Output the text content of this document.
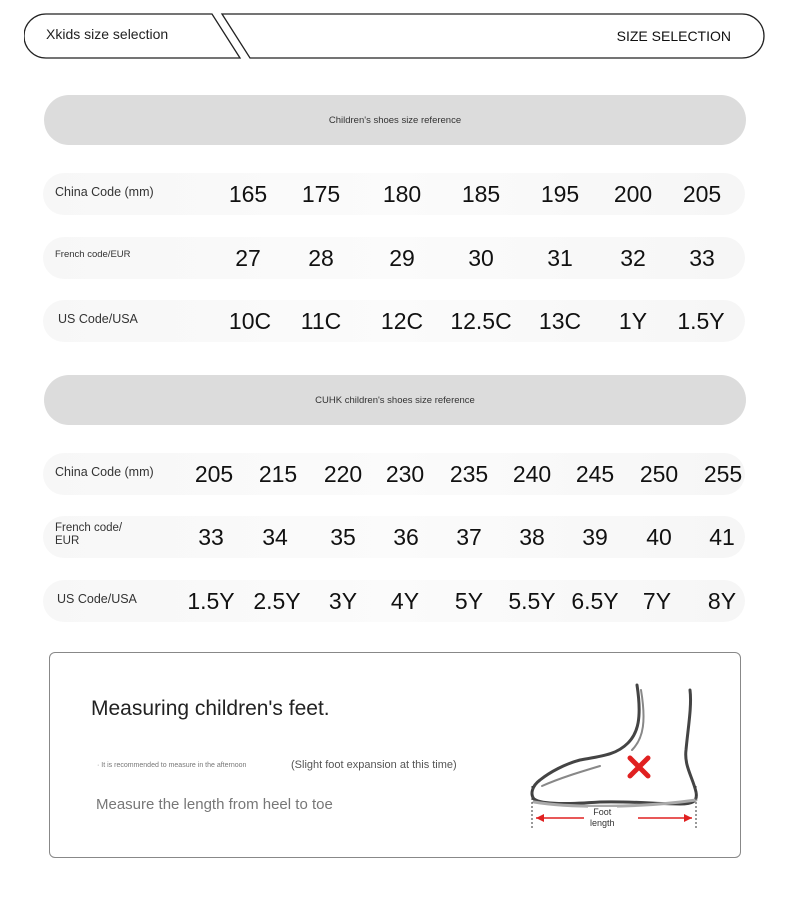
Xkids size selection	SIZE SELECTION
Children's shoes size reference
China Code (mm)	165 175 180 185 195 200 205
French code/EUR	27 28 29 30 31 32 33
US Code/USA	10C 11C 12C 12.5C 13C 1Y 1.5Y
CUHK children's shoes size reference
China Code (mm) 205 215 220 230 235 240 245 250 255
French code/
EUR	33 34 35 36 37 38 39 40 41
US Code/USA 1.5Y 2.5Y 3Y 4Y 5Y 5.5Y 6.5Y 7Y 8Y
Measuring children's feet.
· It is recommended to measure in the afternoon	(Slight foot expansion at this time)
Measure the length from heel to toe	Foot
length
